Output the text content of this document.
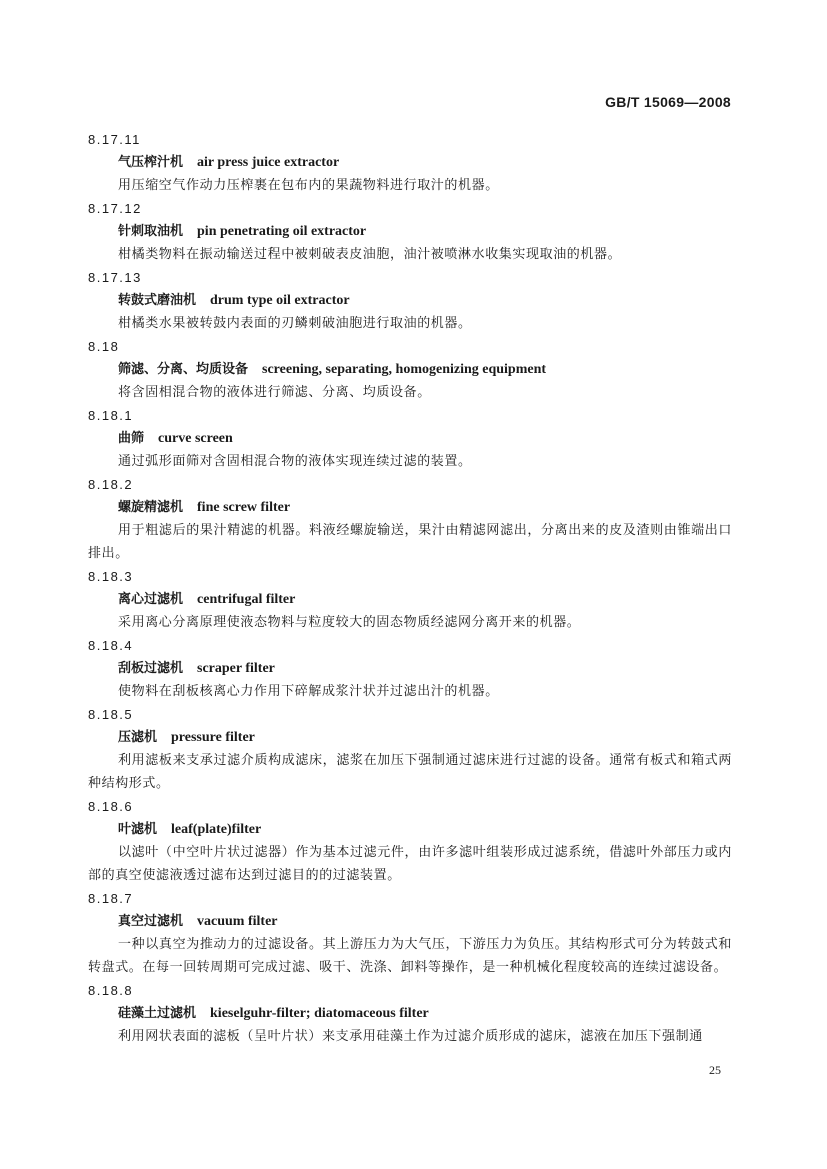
GB/T 15069—2008
8.17.11
气压榨汁机 air press juice extractor
用压缩空气作动力压榨裹在包布内的果蔬物料进行取汁的机器。
8.17.12
针刺取油机 pin penetrating oil extractor
柑橘类物料在振动输送过程中被刺破表皮油胞，油汁被喷淋水收集实现取油的机器。
8.17.13
转鼓式磨油机 drum type oil extractor
柑橘类水果被转鼓内表面的刃鳞刺破油胞进行取油的机器。
8.18
筛滤、分离、均质设备 screening, separating, homogenizing equipment
将含固相混合物的液体进行筛滤、分离、均质设备。
8.18.1
曲筛 curve screen
通过弧形面筛对含固相混合物的液体实现连续过滤的装置。
8.18.2
螺旋精滤机 fine screw filter
用于粗滤后的果汁精滤的机器。料液经螺旋输送，果汁由精滤网滤出，分离出来的皮及渣则由锥端出口排出。
8.18.3
离心过滤机 centrifugal filter
采用离心分离原理使液态物料与粒度较大的固态物质经滤网分离开来的机器。
8.18.4
刮板过滤机 scraper filter
使物料在刮板核离心力作用下碎解成浆汁状并过滤出汁的机器。
8.18.5
压滤机 pressure filter
利用滤板来支承过滤介质构成滤床，滤浆在加压下强制通过滤床进行过滤的设备。通常有板式和箱式两种结构形式。
8.18.6
叶滤机 leaf(plate)filter
以滤叶（中空叶片状过滤器）作为基本过滤元件，由许多滤叶组装形成过滤系统，借滤叶外部压力或内部的真空使滤液透过滤布达到过滤目的的过滤装置。
8.18.7
真空过滤机 vacuum filter
一种以真空为推动力的过滤设备。其上游压力为大气压，下游压力为负压。其结构形式可分为转鼓式和转盘式。在每一回转周期可完成过滤、吸干、洗涤、卸料等操作，是一种机械化程度较高的连续过滤设备。
8.18.8
硅藻土过滤机 kieselguhr-filter; diatomaceous filter
利用网状表面的滤板（呈叶片状）来支承用硅藻土作为过滤介质形成的滤床，滤液在加压下强制通
25
